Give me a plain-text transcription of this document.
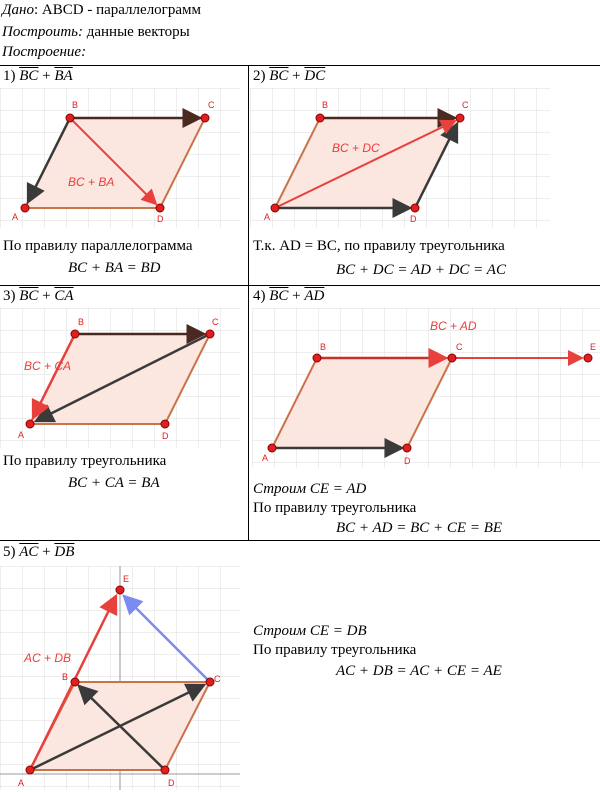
Дано: ABCD - параллелограмм
Построить: данные векторы
Построение:
1) $\overline{BC} + \overline{BA}$
BC + BA
A
B	C
D
По правилу параллелограмма
BC + BA = BD
2) $\overline{BC} + \overline{DC}$
BC + DC
A
B	C
D
Т.к. AD = BC, по правилу треугольника
BC + DC = AD + DC = AC
3) $\overline{BC} + \overline{CA}$
BC + CA
A
B	C
D
По правилу треугольника
BC + CA = BA
4) $\overline{BC} + \overline{AD}$
BC + AD
A
B	C
D
E
Строим CE = AD
По правилу треугольника
BC + AD = BC + CE = BE
5) $\overline{AC} + \overline{DB}$
AC + DB
A
B	C
D
E
Строим CE = DB
По правилу треугольника
AC + DB = AC + CE = AE
